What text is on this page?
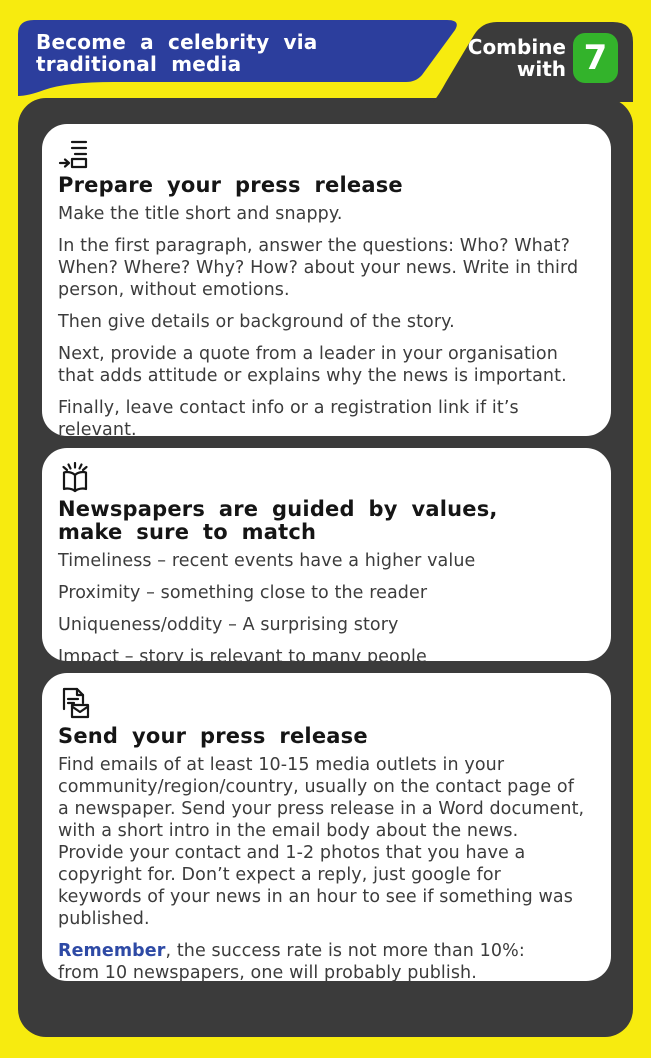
Become a celebrity via
traditional media
Combine
with 7
Prepare your press release

Make the title short and snappy.

In the first paragraph, answer the questions: Who? What? When? Where? Why? How? about your news. Write in third person, without emotions.

Then give details or background of the story.

Next, provide a quote from a leader in your organisation that adds attitude or explains why the news is important.

Finally, leave contact info or a registration link if it’s relevant.

Newspapers are guided by values,
make sure to match

Timeliness – recent events have a higher value

Proximity – something close to the reader

Uniqueness/oddity – A surprising story

Impact – story is relevant to many people

Send your press release

Find emails of at least 10-15 media outlets in your community/region/country, usually on the contact page of a newspaper. Send your press release in a Word document, with a short intro in the email body about the news. Provide your contact and 1-2 photos that you have a copyright for. Don’t expect a reply, just google for keywords of your news in an hour to see if something was published.

Remember, the success rate is not more than 10%:
from 10 newspapers, one will probably publish.
